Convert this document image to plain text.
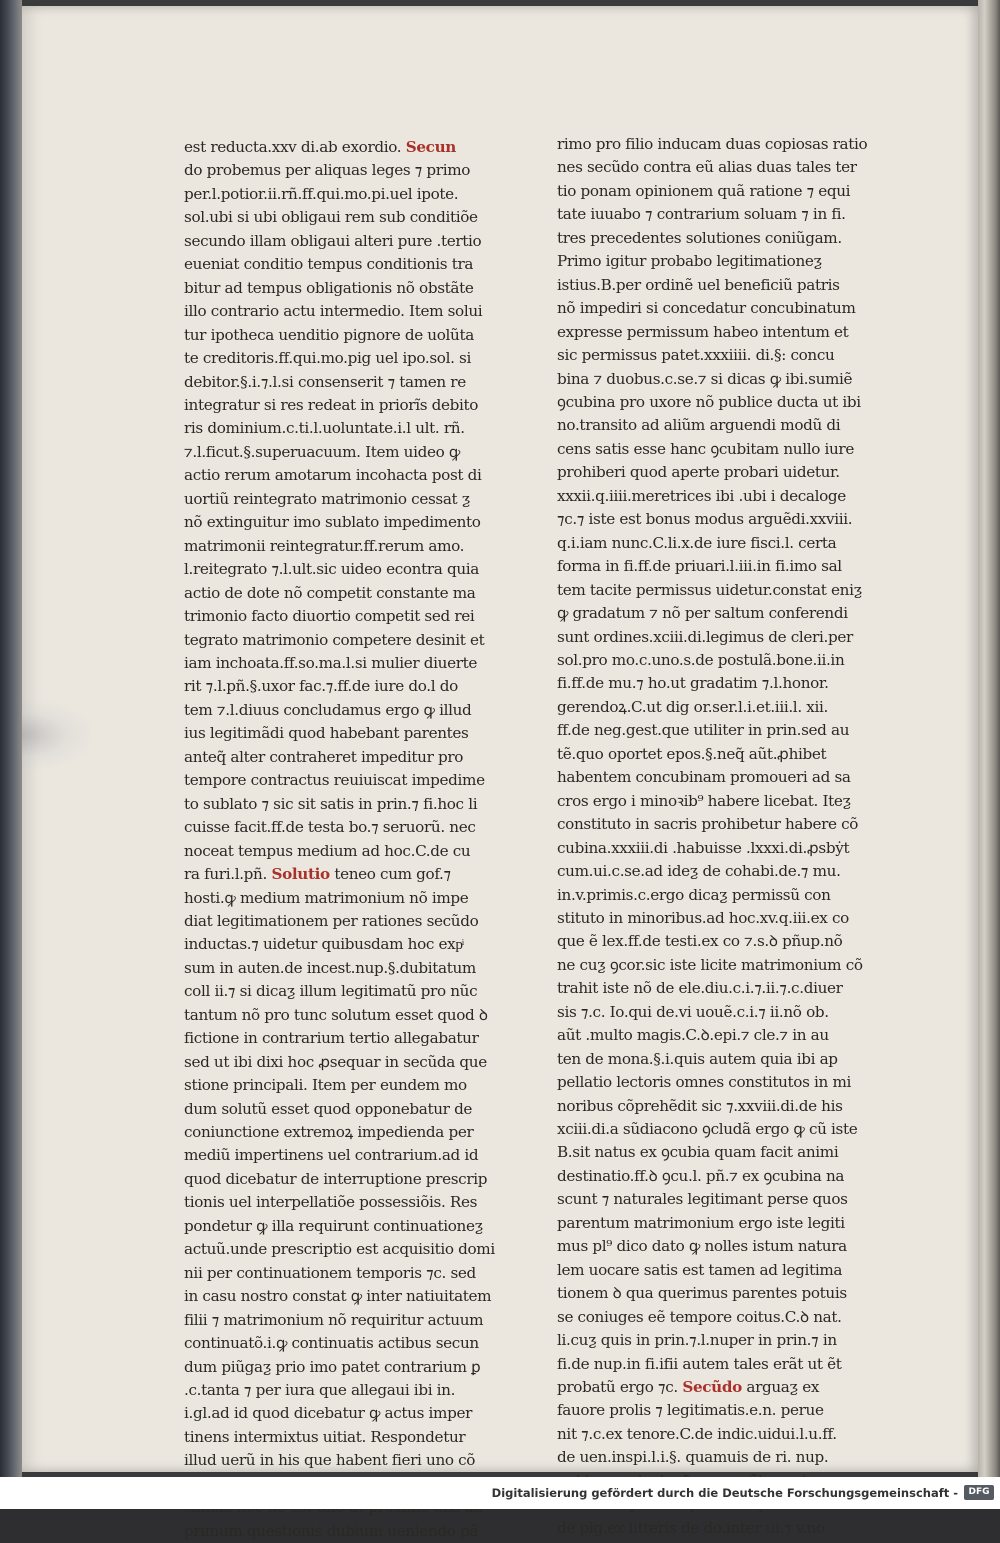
est reducta.xxv di.ab exordio. Secun
do probemus per aliquas leges ⁊ primo
per.l.potior.ii.rñ.ff.qui.mo.pi.uel ipote.
sol.ubi si ubi obligaui rem sub conditiõe
secundo illam obligaui alteri pure .tertio
eueniat conditio tempus conditionis tra
bitur ad tempus obligationis nõ obstãte
illo contrario actu intermedio. Item solui
tur ipotheca uenditio pignore de uolũta
te creditoris.ff.qui.mo.pig uel ipo.sol. si
debitor.§.i.⁊.l.si consenserit ⁊ tamen re
integratur si res redeat in priorĩs debito
ris dominium.c.ti.l.uoluntate.i.l ult. rñ.
⁊.l.ficut.§.superuacuum. Item uideo ꝙ
actio rerum amotarum incohacta post di
uortiũ reintegrato matrimonio cessat ƺ
nõ extinguitur imo sublato impedimento
matrimonii reintegratur.ff.rerum amo.
l.reitegrato ⁊.l.ult.sic uideo econtra quia
actio de dote nõ competit constante ma
trimonio facto diuortio competit sed rei
tegrato matrimonio competere desinit et
iam inchoata.ff.so.ma.l.si mulier diuerte
rit ⁊.l.pñ.§.uxor fac.⁊.ff.de iure do.l do
tem ⁊.l.diuus concludamus ergo ꝙ illud
ius legitimãdi quod habebant parentes
anteq̃ alter contraheret impeditur pro
tempore contractus reuiuiscat impedime
to sublato ⁊ sic sit satis in prin.⁊ fi.hoc li
cuisse facit.ff.de testa bo.⁊ seruorũ. nec
noceat tempus medium ad hoc.C.de cu
ra furi.l.pñ. Solutio teneo cum gof.⁊
hosti.ꝙ medium matrimonium nõ impe
diat legitimationem per rationes secũdo
inductas.⁊ uidetur quibusdam hoc expͥ
sum in auten.de incest.nup.§.dubitatum
coll ii.⁊ si dicaƺ illum legitimatũ pro nũc
tantum nõ pro tunc solutum esset quod ꝺ
fictione in contrarium tertio allegabatur
sed ut ibi dixi hoc ꝓsequar in secũda que
stione principali. Item per eundem mo
dum solutũ esset quod opponebatur de
coniunctione extremoꝝ impedienda per
mediũ impertinens uel contrarium.ad id
quod dicebatur de interruptione prescrip
tionis uel interpellatiõe possessiõis. Res
pondetur ꝙ illa requirunt continuationeƺ
actuũ.unde prescriptio est acquisitio domi
nii per continuationem temporis ⁊c. sed
in casu nostro constat ꝙ inter natiuitatem
filii ⁊ matrimonium nõ requiritur actuum
continuatõ.i.ꝙ continuatis actibus secun
dum piũgaƺ prio imo patet contrarium ꝑ
.c.tanta ⁊ per iura que allegaui ibi in.
i.gl.ad id quod dicebatur ꝙ actus imper
tinens intermixtus uitiat. Respondetur
illud uerũ in his que habent fieri uno cõ
primum questionis dubium ueniendo pã
rimo pro filio inducam duas copiosas ratio
nes secũdo contra eũ alias duas tales ter
tio ponam opinionem quã ratione ⁊ equi
tate iuuabo ⁊ contrarium soluam ⁊ in fi.
tres precedentes solutiones coniũgam.
Primo igitur probabo legitimationeƺ
istius.B.per ordinẽ uel beneficiũ patris
nõ impediri si concedatur concubinatum
expresse permissum habeo intentum et
sic permissus patet.xxxiiii. di.§: concu
bina ⁊ duobus.c.se.⁊ si dicas ꝙ ibi.sumiẽ
ꝯcubina pro uxore nõ publice ducta ut ibi
no.transito ad aliũm arguendi modũ di
cens satis esse hanc ꝯcubitam nullo iure
prohiberi quod aperte probari uidetur.
xxxii.q.iiii.meretrices ibi .ubi i decaloge
⁊c.⁊ iste est bonus modus arguẽdi.xxviii.
q.i.iam nunc.C.li.x.de iure fisci.l. certa
forma in fi.ff.de priuari.l.iii.in fi.imo sal
tem tacite permissus uidetur.constat eniƺ
ꝙ gradatum ⁊ nõ per saltum conferendi
sunt ordines.xciii.di.legimus de cleri.per
sol.pro mo.c.uno.s.de postulã.bone.ii.in
fi.ff.de mu.⁊ ho.ut gradatim ⁊.l.honor.
gerendoꝝ.C.ut dig or.ser.l.i.et.iii.l. xii.
ff.de neg.gest.que utiliter in prin.sed au
tẽ.quo oportet epos.§.neq̃ aũt.ꝓhibet
habentem concubinam promoueri ad sa
cros ergo i minoꝛib⁹ habere licebat. Iteƺ
constituto in sacris prohibetur habere cõ
cubina.xxxiii.di .habuisse .lxxxi.di.ꝓsbẏt
cum.ui.c.se.ad ideƺ de cohabi.de.⁊ mu.
in.v.primis.c.ergo dicaƺ permissũ con
stituto in minoribus.ad hoc.xv.q.iii.ex co
que ẽ lex.ff.de testi.ex co ⁊.s.ꝺ pñup.nõ
ne cuƺ ꝯcor.sic iste licite matrimonium cõ
trahit iste nõ de ele.diu.c.i.⁊.ii.⁊.c.diuer
sis ⁊.c. Io.qui de.vi uouẽ.c.i.⁊ ii.nõ ob.
aũt .multo magis.C.ꝺ.epi.⁊ cle.⁊ in au
ten de mona.§.i.quis autem quia ibi ap
pellatio lectoris omnes constitutos in mi
noribus cõprehẽdit sic ⁊.xxviii.di.de his
xciii.di.a sũdiacono ꝯcludã ergo ꝙ cũ iste
B.sit natus ex ꝯcubia quam facit animi
destinatio.ff.ꝺ ꝯcu.l. pñ.⁊ ex ꝯcubina na
scunt ⁊ naturales legitimant perse quos
parentum matrimonium ergo iste legiti
mus pl⁹ dico dato ꝙ nolles istum natura
lem uocare satis est tamen ad legitima
tionem ꝺ qua querimus parentes potuis
se coniuges eẽ tempore coitus.C.ꝺ nat.
li.cuƺ quis in prin.⁊.l.nuper in prin.⁊ in
fi.de nup.in fi.ifii autem tales erãt ut ẽt
probatũ ergo ⁊c. Secũdo arguaƺ ex
fauore prolis ⁊ legitimatis.e.n. perue
nit ⁊.c.ex tenore.C.de indic.uidui.l.u.ff.
de uen.inspi.l.i.§. quamuis de ri. nup.
de pig.ex litteris de do.inter ui.⁊ v.no
Digitalisierung gefördert durch die Deutsche Forschungsgemeinschaft -	DFG
